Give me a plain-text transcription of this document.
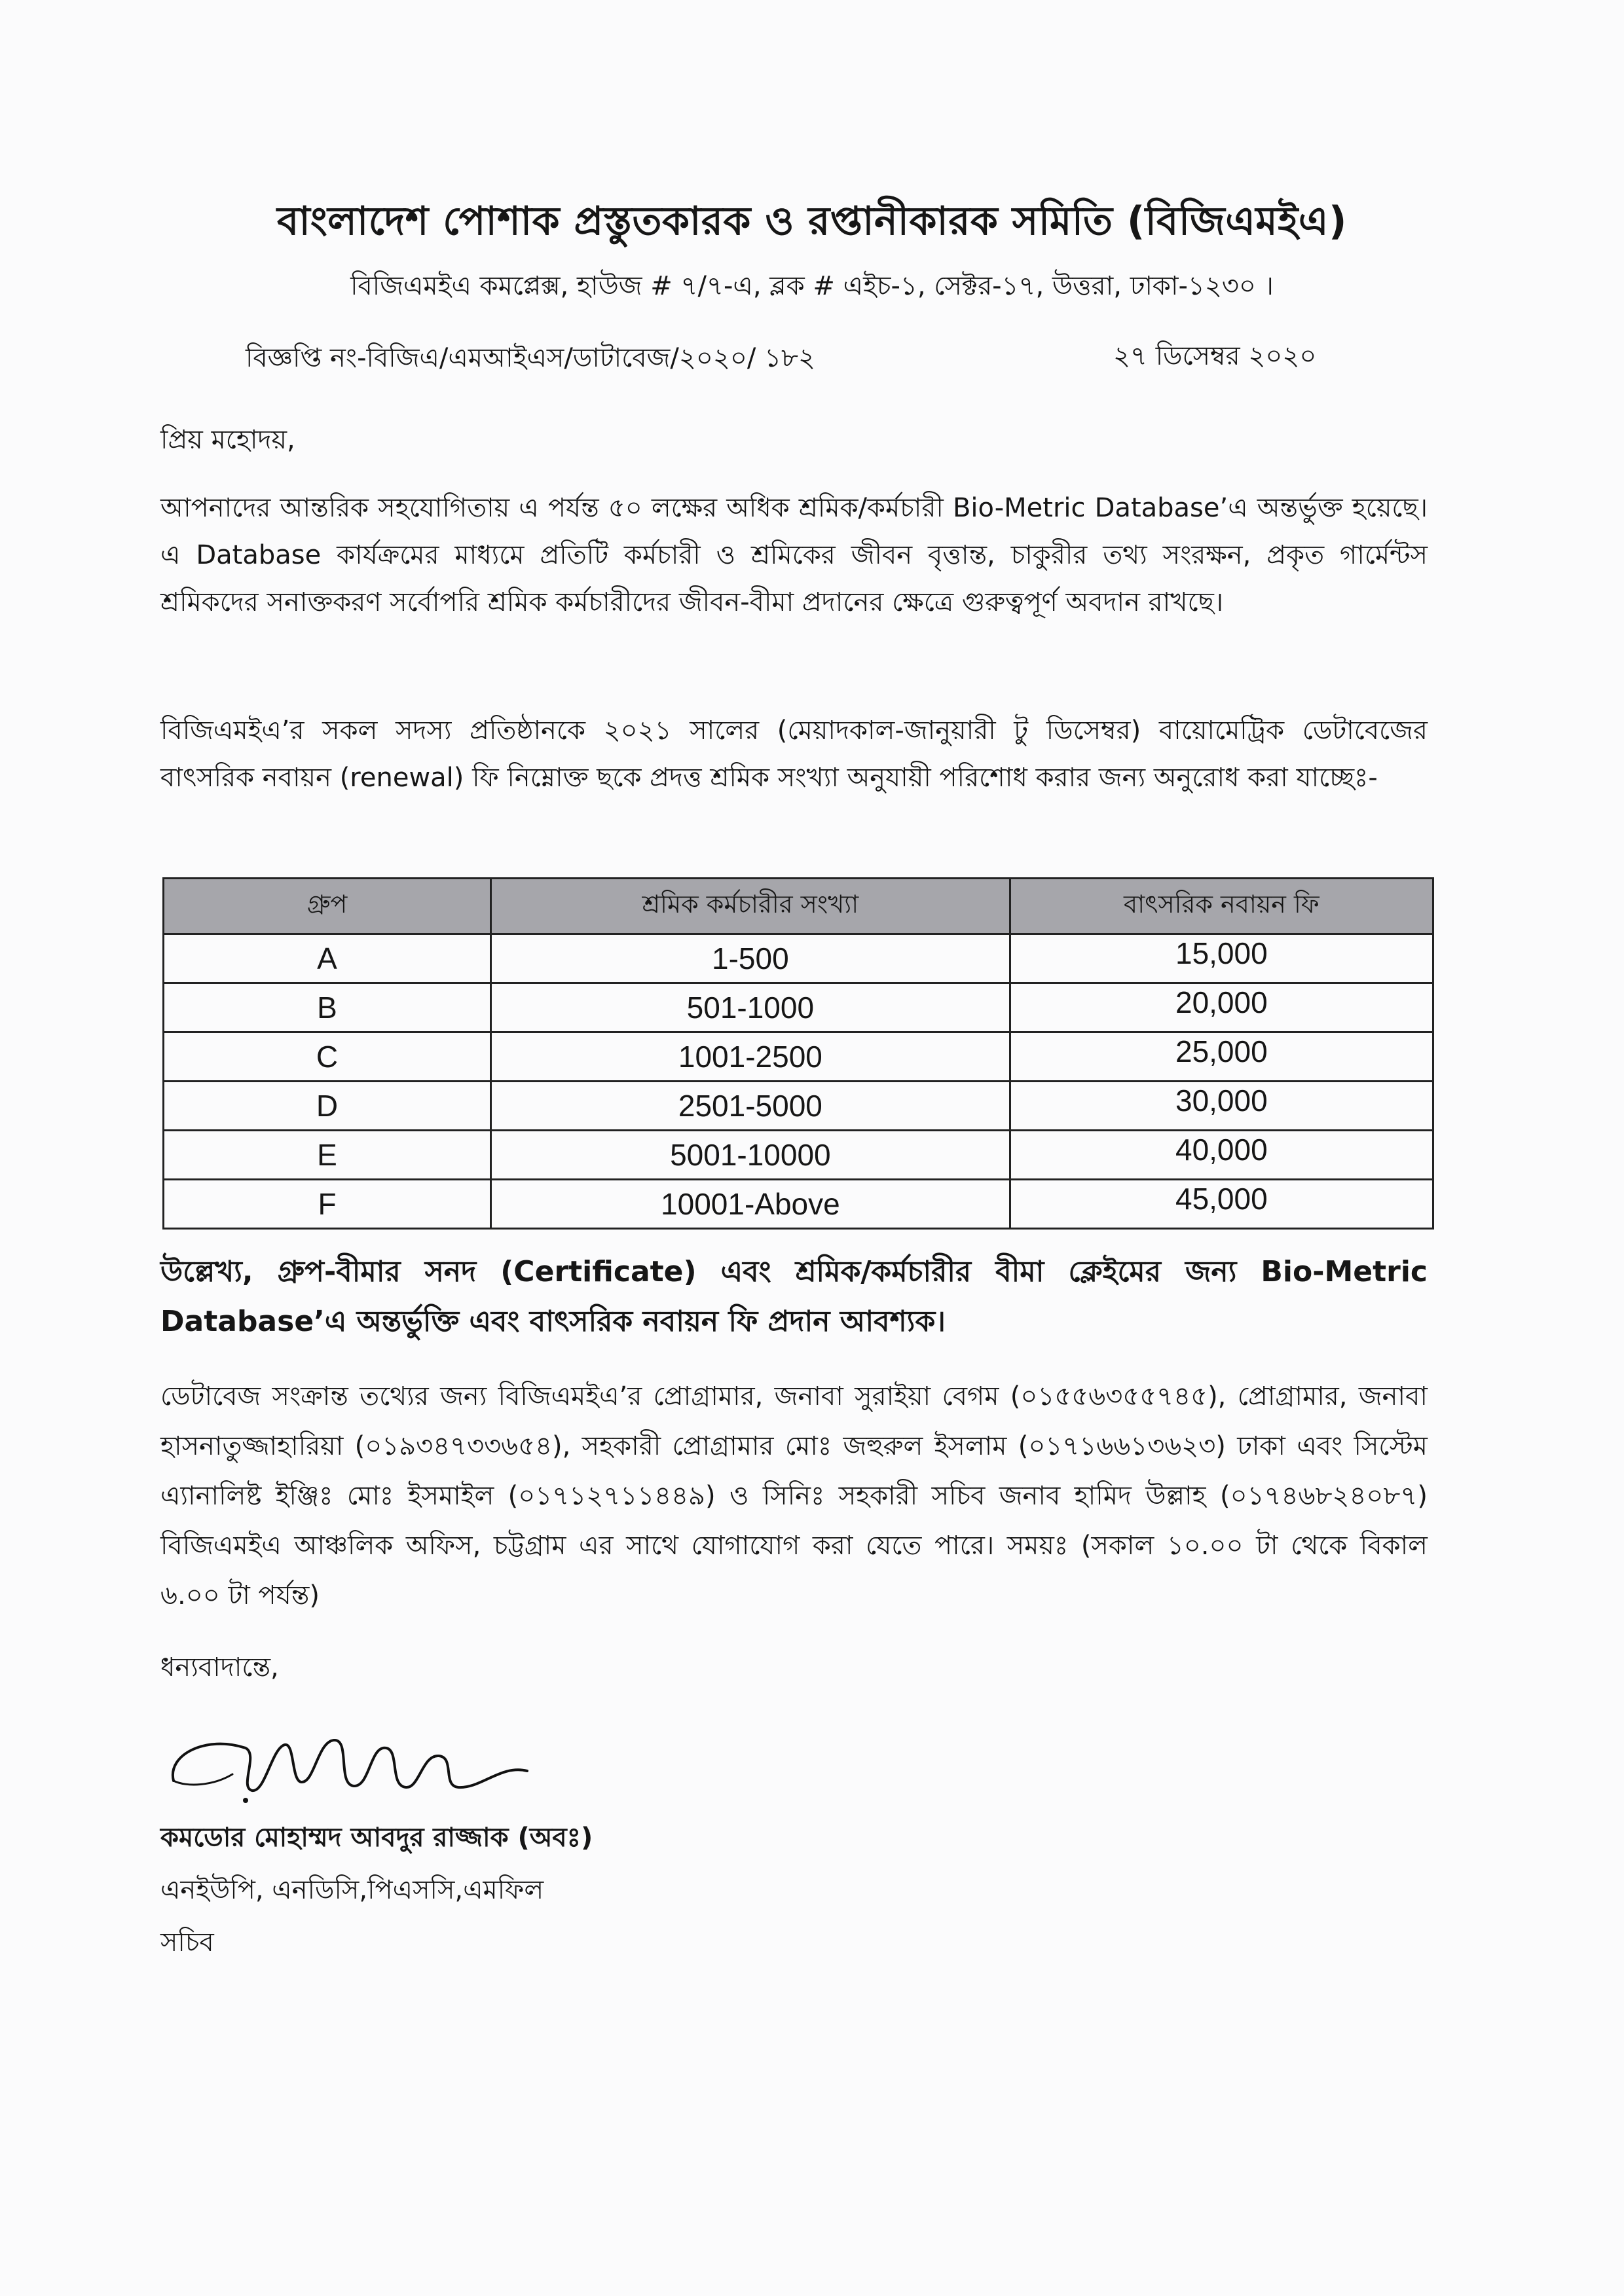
বাংলাদেশ পোশাক প্রস্তুতকারক ও রপ্তানীকারক সমিতি (বিজিএমইএ)
বিজিএমইএ কমপ্লেক্স, হাউজ # ৭/৭-এ, ব্লক # এইচ-১, সেক্টর-১৭, উত্তরা, ঢাকা-১২৩০ ।
বিজ্ঞপ্তি নং-বিজিএ/এমআইএস/ডাটাবেজ/২০২০/ ১৮২	২৭ ডিসেম্বর ২০২০
প্রিয় মহোদয়,
আপনাদের আন্তরিক সহযোগিতায় এ পর্যন্ত ৫০ লক্ষের অধিক শ্রমিক/কর্মচারী Bio-Metric Database’এ অন্তর্ভুক্ত হয়েছে। এ Database কার্যক্রমের মাধ্যমে প্রতিটি কর্মচারী ও শ্রমিকের জীবন বৃত্তান্ত, চাকুরীর তথ্য সংরক্ষন, প্রকৃত গার্মেন্টস শ্রমিকদের সনাক্তকরণ সর্বোপরি শ্রমিক কর্মচারীদের জীবন-বীমা প্রদানের ক্ষেত্রে গুরুত্বপূর্ণ অবদান রাখছে।
বিজিএমইএ’র সকল সদস্য প্রতিষ্ঠানকে ২০২১ সালের (মেয়াদকাল-জানুয়ারী টু ডিসেম্বর) বায়োমেট্রিক ডেটাবেজের বাৎসরিক নবায়ন (renewal) ফি নিম্নোক্ত ছকে প্রদত্ত শ্রমিক সংখ্যা অনুযায়ী পরিশোধ করার জন্য অনুরোধ করা যাচ্ছেঃ-
গ্রুপ	শ্রমিক কর্মচারীর সংখ্যা	বাৎসরিক নবায়ন ফি
A	1-500	15,000
B	501-1000	20,000
C	1001-2500	25,000
D	2501-5000	30,000
E	5001-10000	40,000
F	10001-Above	45,000
উল্লেখ্য, গ্রুপ-বীমার সনদ (Certificate) এবং শ্রমিক/কর্মচারীর বীমা ক্লেইমের জন্য Bio-Metric Database’এ অন্তর্ভুক্তি এবং বাৎসরিক নবায়ন ফি প্রদান আবশ্যক।
ডেটাবেজ সংক্রান্ত তথ্যের জন্য বিজিএমইএ’র প্রোগ্রামার, জনাবা সুরাইয়া বেগম (০১৫৫৬৩৫৫৭৪৫), প্রোগ্রামার, জনাবা হাসনাতুজ্জাহারিয়া (০১৯৩৪৭৩৩৬৫৪), সহকারী প্রোগ্রামার মোঃ জহুরুল ইসলাম (০১৭১৬৬১৩৬২৩) ঢাকা এবং সিস্টেম এ্যানালিষ্ট ইঞ্জিঃ মোঃ ইসমাইল (০১৭১২৭১১৪৪৯) ও সিনিঃ সহকারী সচিব জনাব হামিদ উল্লাহ (০১৭৪৬৮২৪০৮৭) বিজিএমইএ আঞ্চলিক অফিস, চট্টগ্রাম এর সাথে যোগাযোগ করা যেতে পারে। সময়ঃ (সকাল ১০.০০ টা থেকে বিকাল ৬.০০ টা পর্যন্ত)
ধন্যবাদান্তে,
কমডোর মোহাম্মদ আবদুর রাজ্জাক (অবঃ)
এনইউপি, এনডিসি,পিএসসি,এমফিল
সচিব
